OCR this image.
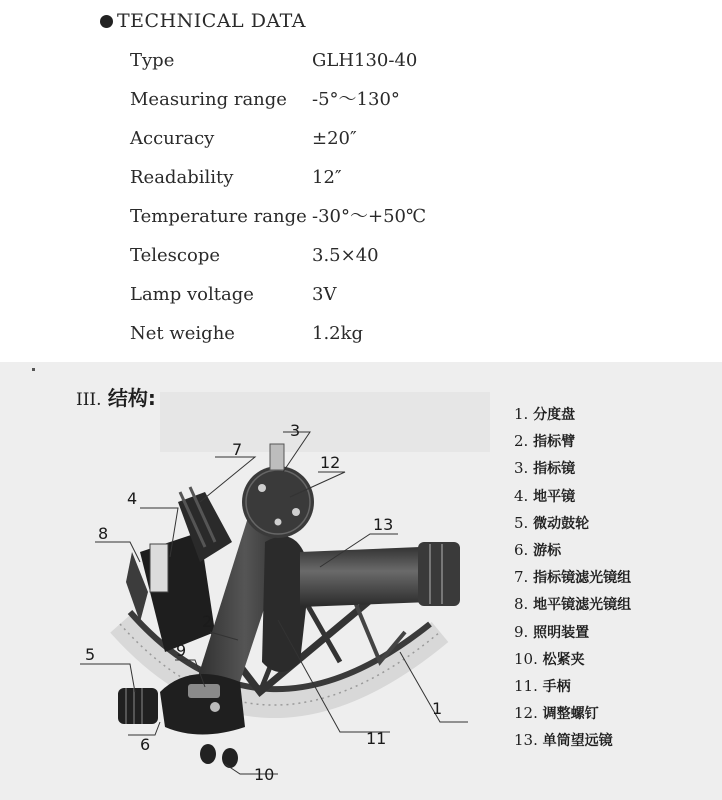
TECHNICAL DATA
Type	GLH130-40
Measuring range -5°～130°
Accuracy	±20″
Readability	12″
Temperature range -30°～+50℃
Telescope	3.5×40
Lamp voltage	3V
Net weighe	1.2kg
III. 结构:
1
2
3
4
5
6
7
8
9
10
11
12
13
1. 分度盘
2. 指标臂
3. 指标镜
4. 地平镜
5. 微动鼓轮
6. 游标
7. 指标镜滤光镜组
8. 地平镜滤光镜组
9. 照明装置
10. 松紧夹
11. 手柄
12. 调整螺钉
13. 单筒望远镜
